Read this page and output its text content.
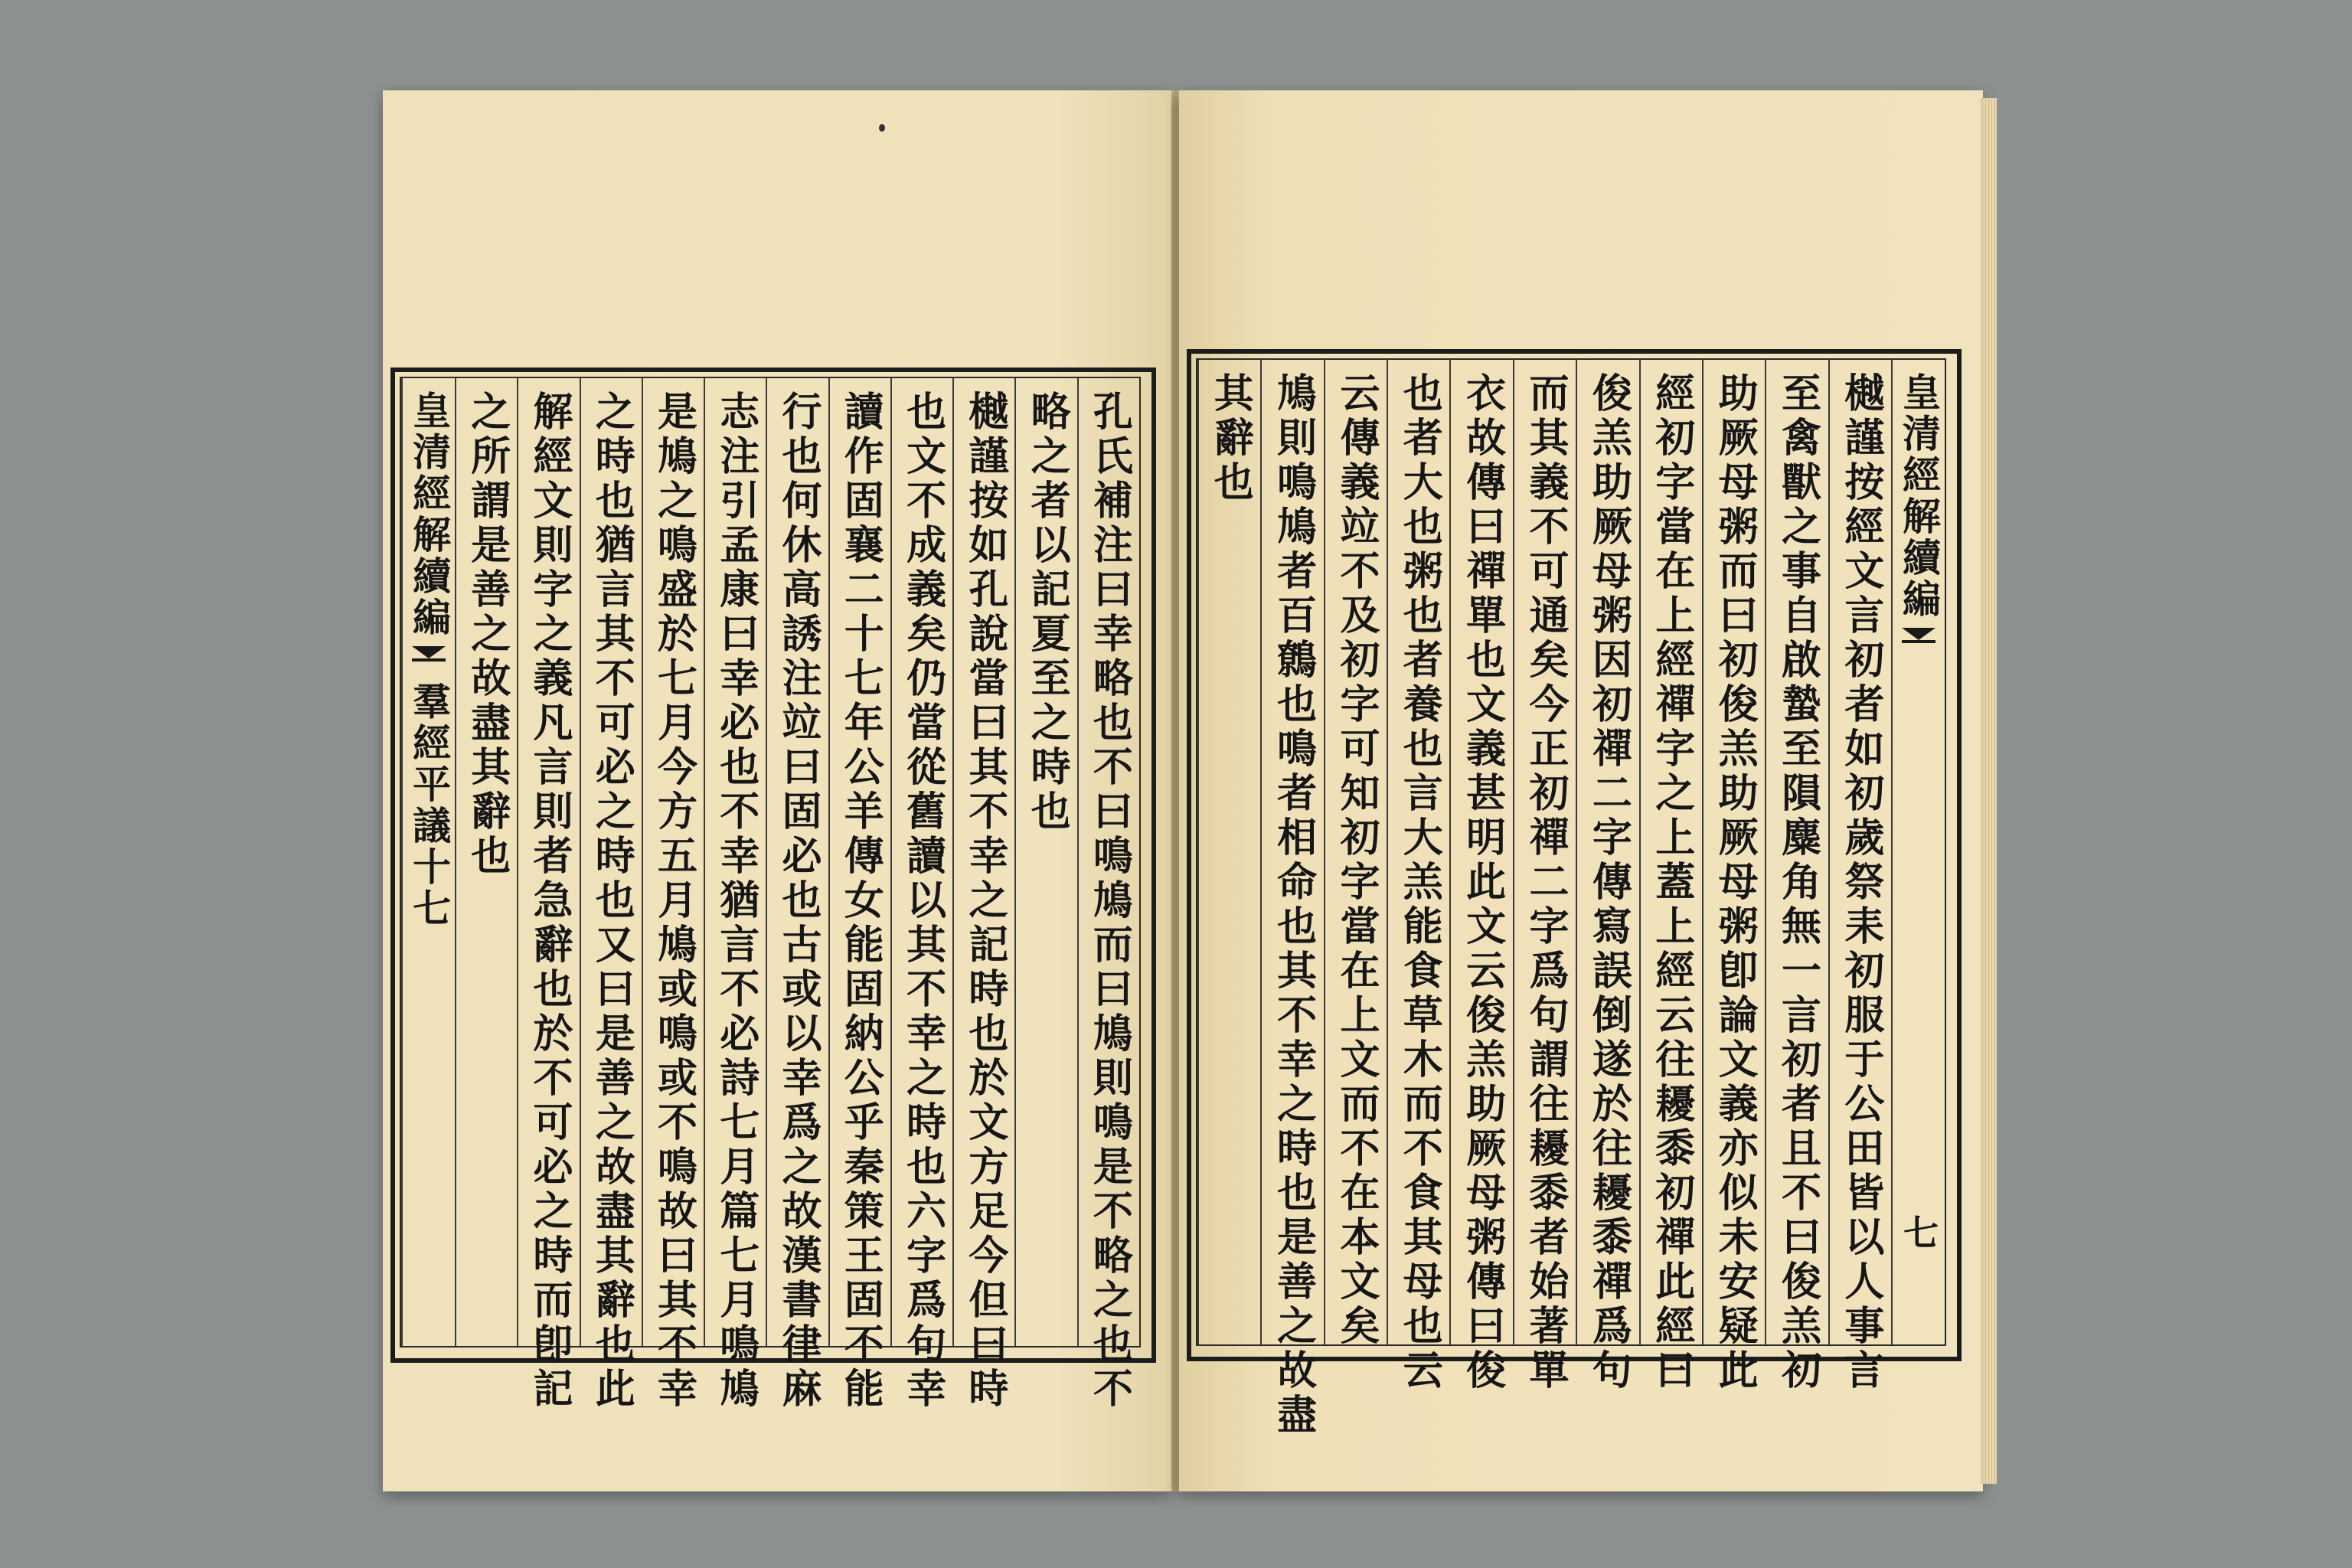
孔氏補注曰幸略也不曰鳴鳩而曰鳩則鳴是不略之也不
略之者以記夏至之時也
樾謹按如孔說當曰其不幸之記時也於文方足今但曰時
也文不成義矣仍當從舊讀以其不幸之時也六字爲句幸
讀作固襄二十七年公羊傳女能固納公乎秦策王固不能
行也何休高誘注竝曰固必也古或以幸爲之故漢書律麻
志注引孟康曰幸必也不幸猶言不必詩七月篇七月鳴鳩
是鳩之鳴盛於七月今方五月鳩或鳴或不鳴故曰其不幸
之時也猶言其不可必之時也又曰是善之故盡其辭也此
解經文則字之義凡言則者急辭也於不可必之時而卽記
之所謂是善之故盡其辭也
皇清經解續編
羣經平議十七
皇清經解續編
七
樾謹按經文言初者如初歲祭耒初服于公田皆以人事言
至禽獸之事自啟蟄至隕麋角無一言初者且不曰俊羔初
助厥母粥而曰初俊羔助厥母粥卽論文義亦似未安疑此
經初字當在上經禪字之上蓋上經云往耰黍初禪此經曰
俊羔助厥母粥因初禪二字傳寫誤倒遂於往耰黍禪爲句
而其義不可通矣今正初禪二字爲句謂往耰黍者始著單
衣故傳曰禪單也文義甚明此文云俊羔助厥母粥傳曰俊
也者大也粥也者養也言大羔能食草木而不食其母也云
云傳義竝不及初字可知初字當在上文而不在本文矣
鳩則鳴鳩者百鷯也鳴者相命也其不幸之時也是善之故盡
其辭也
